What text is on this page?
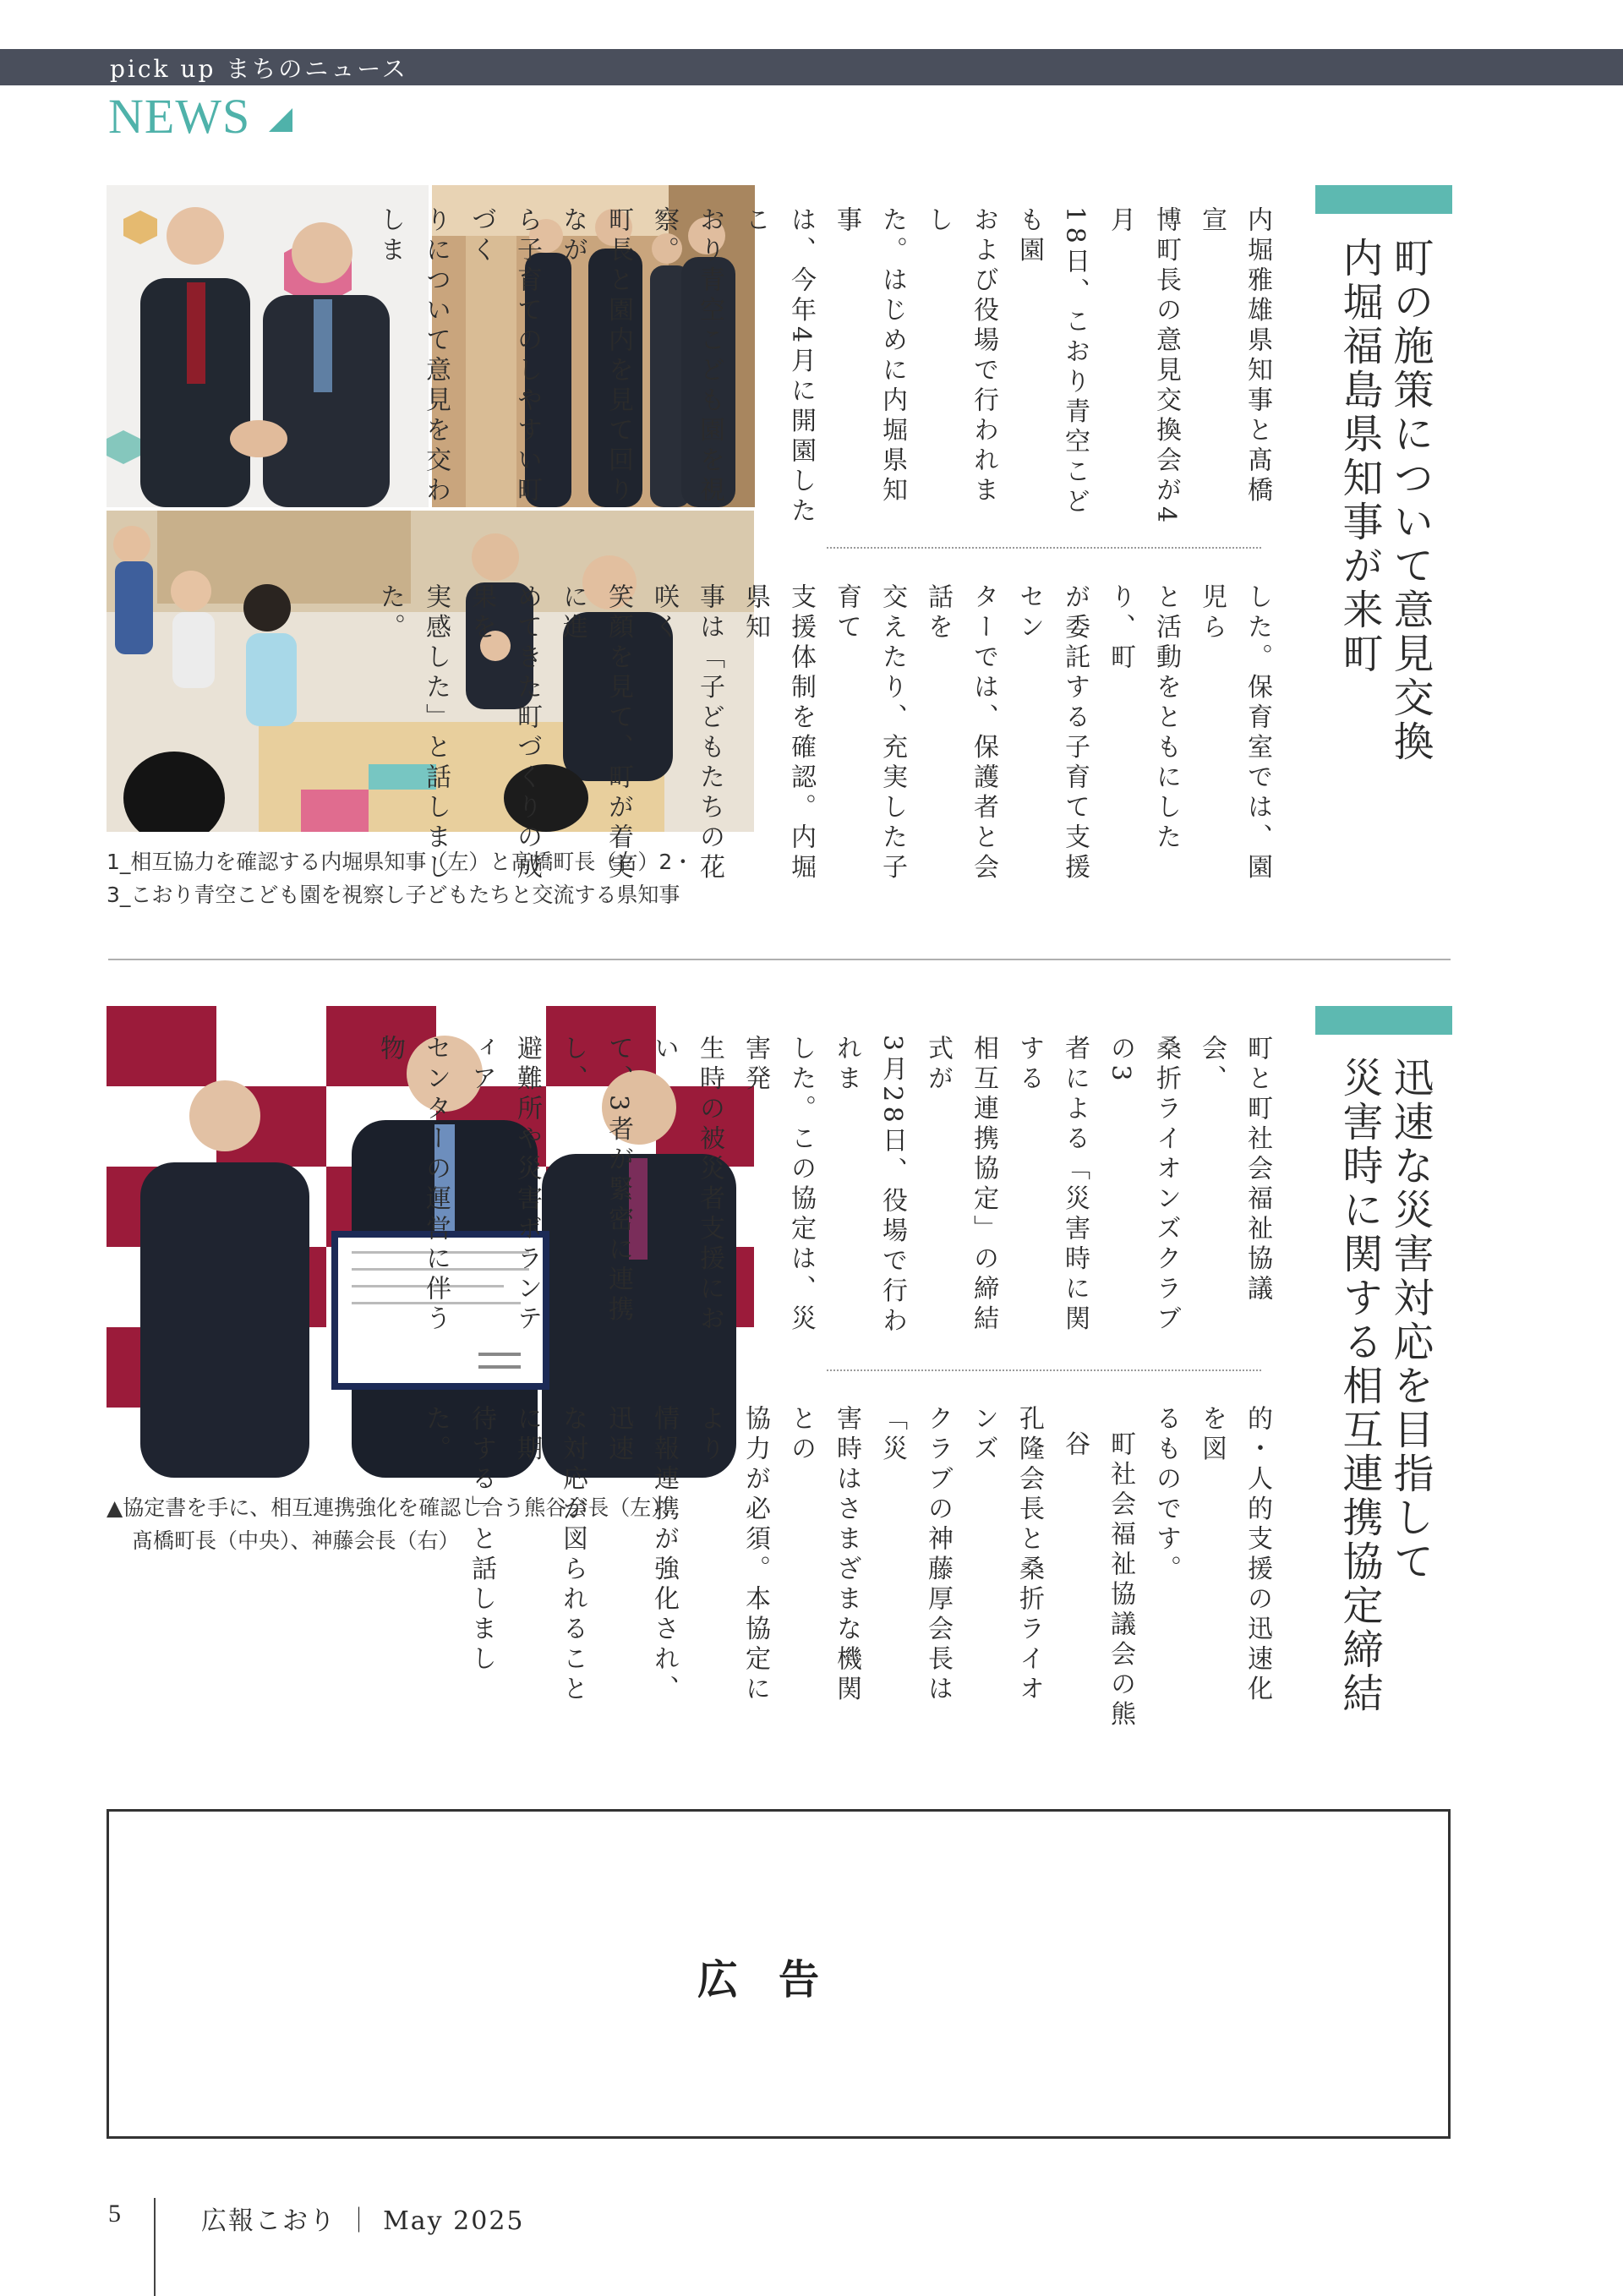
pick up まちのニュース
NEWS
1_相互協力を確認する内堀県知事（左）と髙橋町長（右）2・
3_こおり青空こども園を視察し子どもたちと交流する県知事
町の施策について意見交換
内堀福島県知事が来町
内堀雅雄県知事と髙橋宣
博町長の意見交換会が4月
18日、こおり青空こども園
および役場で行われまし
た。はじめに内堀県知事
は、今年4月に開園したこ
おり青空こども園を視察。
町長と園内を見て回りなが
ら子育てのしやすい町づく
りについて意見を交わしま
した。保育室では、園児ら
と活動をともにしたり、町
が委託する子育て支援セン
ターでは、保護者と会話を
交えたり、充実した子育て
支援体制を確認。内堀県知
事は「子どもたちの花咲く
笑顔を見て、町が着実に進
めてきた町づくりの成果を
実感した」と話しました。
▲協定書を手に、相互連携強化を確認し合う熊谷会長（左）、
髙橋町長（中央）、神藤会長（右）	迅速な災害対応を目指して
災害時に関する相互連携協定締結
町と町社会福祉協議会、
桑折ライオンズクラブの3
者による「災害時に関する
相互連携協定」の締結式が
3月28日、役場で行われま
した。この協定は、災害発
生時の被災者支援におい
て、3者が緊密に連携し、
避難所や災害ボランティア
センターの運営に伴う物
的・人的支援の迅速化を図
るものです。
町社会福祉協議会の熊谷
孔隆会長と桑折ライオンズ
クラブの神藤厚会長は「災
害時はさまざまな機関との
協力が必須。本協定により
情報連携が強化され、迅速
な対応が図られることに期
待する」と話しました。
広告
5	広報こおり ｜ May 2025
